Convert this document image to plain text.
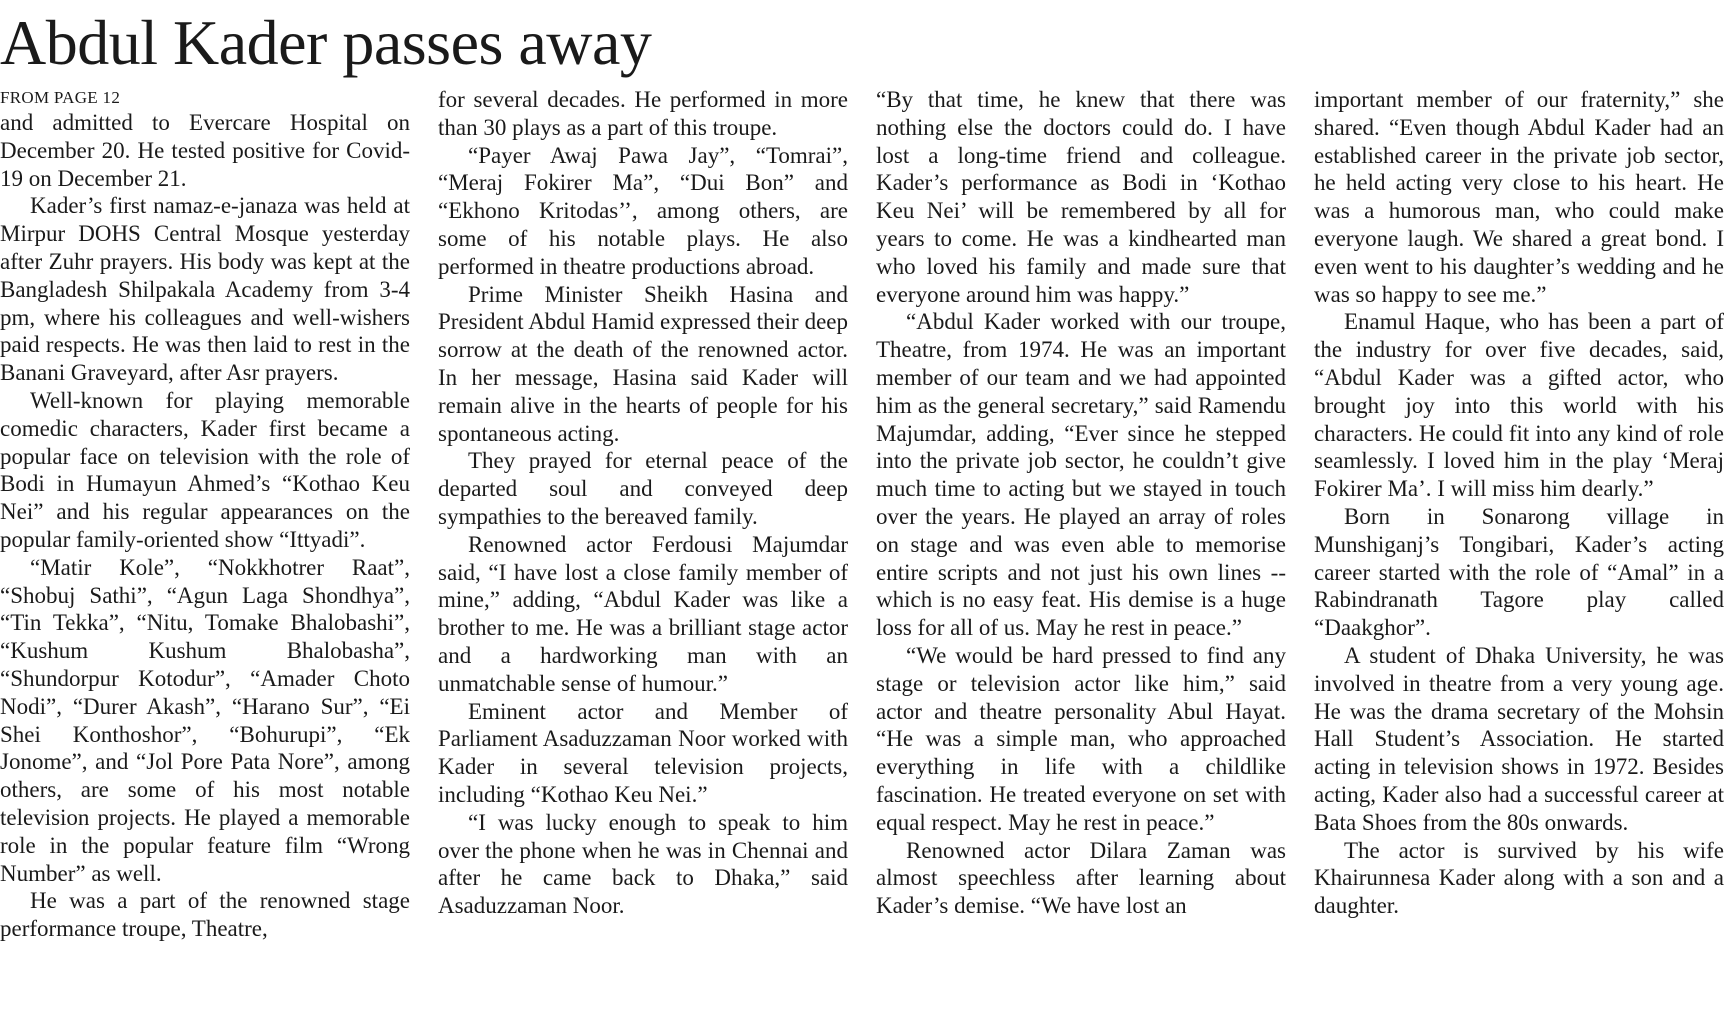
Abdul Kader passes away
FROM PAGE 12

and admitted to Evercare Hospital on December 20. He tested positive for Covid-19 on December 21.

Kader’s first namaz-e-janaza was held at Mirpur DOHS Central Mosque yesterday after Zuhr prayers. His body was kept at the Bangladesh Shilpakala Academy from 3-4 pm, where his colleagues and well-wishers paid respects. He was then laid to rest in the Banani Graveyard, after Asr prayers.

Well-known for playing memorable comedic characters, Kader first became a popular face on television with the role of Bodi in Humayun Ahmed’s “Kothao Keu Nei” and his regular appearances on the popular family-oriented show “Ittyadi”.

“Matir Kole”, “Nokkhotrer Raat”, “Shobuj Sathi”, “Agun Laga Shondhya”, “Tin Tekka”, “Nitu, Tomake Bhalobashi”, “Kushum Kushum Bhalobasha”, “Shundorpur Kotodur”, “Amader Choto Nodi”, “Durer Akash”, “Harano Sur”, “Ei Shei Konthoshor”, “Bohurupi”, “Ek Jonome”, and “Jol Pore Pata Nore”, among others, are some of his most notable television projects. He played a memorable role in the popular feature film “Wrong Number” as well.

He was a part of the renowned stage performance troupe, Theatre,

for several decades. He performed in more than 30 plays as a part of this troupe.

“Payer Awaj Pawa Jay”, “Tomrai”, “Meraj Fokirer Ma”, “Dui Bon” and “Ekhono Kritodas’’, among others, are some of his notable plays. He also performed in theatre productions abroad.

Prime Minister Sheikh Hasina and President Abdul Hamid expressed their deep sorrow at the death of the renowned actor. In her message, Hasina said Kader will remain alive in the hearts of people for his spontaneous acting.

They prayed for eternal peace of the departed soul and conveyed deep sympathies to the bereaved family.

Renowned actor Ferdousi Majumdar said, “I have lost a close family member of mine,” adding, “Abdul Kader was like a brother to me. He was a brilliant stage actor and a hardworking man with an unmatchable sense of humour.”

Eminent actor and Member of Parliament Asaduzzaman Noor worked with Kader in several television projects, including “Kothao Keu Nei.”

“I was lucky enough to speak to him over the phone when he was in Chennai and after he came back to Dhaka,” said Asaduzzaman Noor.

“By that time, he knew that there was nothing else the doctors could do. I have lost a long-time friend and colleague. Kader’s performance as Bodi in ‘Kothao Keu Nei’ will be remembered by all for years to come. He was a kindhearted man who loved his family and made sure that everyone around him was happy.”

“Abdul Kader worked with our troupe, Theatre, from 1974. He was an important member of our team and we had appointed him as the general secretary,” said Ramendu Majumdar, adding, “Ever since he stepped into the private job sector, he couldn’t give much time to acting but we stayed in touch over the years. He played an array of roles on stage and was even able to memorise entire scripts and not just his own lines -- which is no easy feat. His demise is a huge loss for all of us. May he rest in peace.”

“We would be hard pressed to find any stage or television actor like him,” said actor and theatre personality Abul Hayat. “He was a simple man, who approached everything in life with a childlike fascination. He treated everyone on set with equal respect. May he rest in peace.”

Renowned actor Dilara Zaman was almost speechless after learning about Kader’s demise. “We have lost an

important member of our fraternity,” she shared. “Even though Abdul Kader had an established career in the private job sector, he held acting very close to his heart. He was a humorous man, who could make everyone laugh. We shared a great bond. I even went to his daughter’s wedding and he was so happy to see me.”

Enamul Haque, who has been a part of the industry for over five decades, said, “Abdul Kader was a gifted actor, who brought joy into this world with his characters. He could fit into any kind of role seamlessly. I loved him in the play ‘Meraj Fokirer Ma’. I will miss him dearly.”

Born in Sonarong village in Munshiganj’s Tongibari, Kader’s acting career started with the role of “Amal” in a Rabindranath Tagore play called “Daakghor”.

A student of Dhaka University, he was involved in theatre from a very young age. He was the drama secretary of the Mohsin Hall Student’s Association. He started acting in television shows in 1972. Besides acting, Kader also had a successful career at Bata Shoes from the 80s onwards.

The actor is survived by his wife Khairunnesa Kader along with a son and a daughter.
